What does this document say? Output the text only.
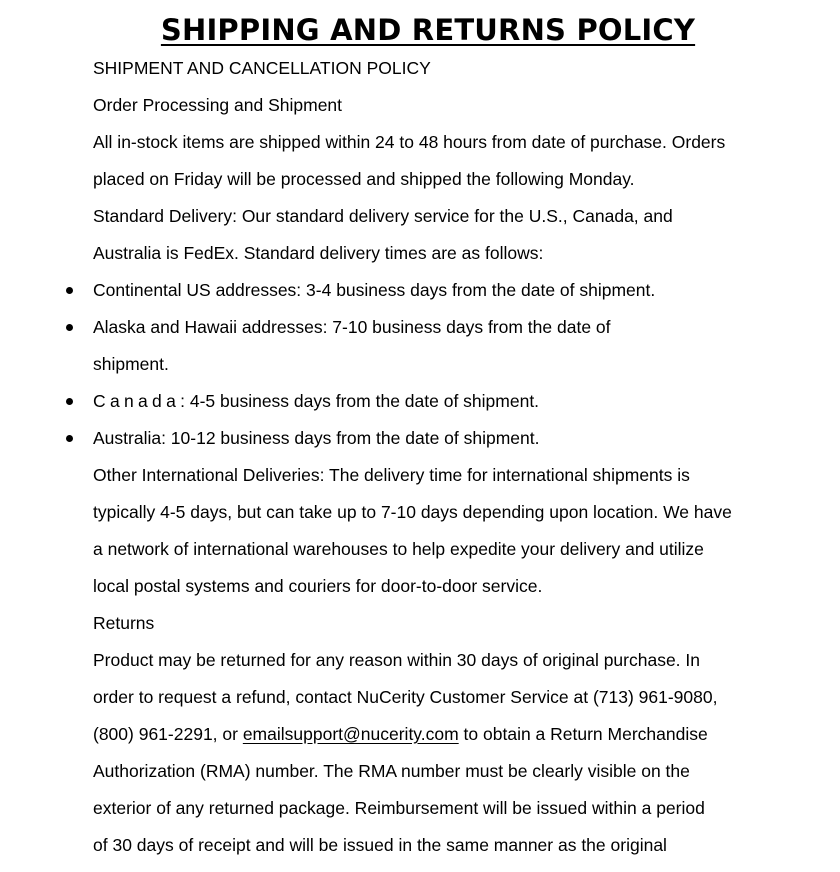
SHIPPING AND RETURNS POLICY

SHIPMENT AND CANCELLATION POLICY

Order Processing and Shipment

All in-stock items are shipped within 24 to 48 hours from date of purchase. Orders

placed on Friday will be processed and shipped the following Monday.

Standard Delivery: Our standard delivery service for the U.S., Canada, and

Australia is FedEx. Standard delivery times are as follows:

Continental US addresses: 3-4 business days from the date of shipment.
Alaska and Hawaii addresses: 7-10 business days from the date of
shipment.
Canada: 4-5 business days from the date of shipment.
Australia: 10-12 business days from the date of shipment.

Other International Deliveries: The delivery time for international shipments is

typically 4-5 days, but can take up to 7-10 days depending upon location. We have

a network of international warehouses to help expedite your delivery and utilize

local postal systems and couriers for door-to-door service.

Returns

Product may be returned for any reason within 30 days of original purchase. In

order to request a refund, contact NuCerity Customer Service at (713) 961-9080,

(800) 961-2291, or emailsupport@nucerity.com to obtain a Return Merchandise

Authorization (RMA) number. The RMA number must be clearly visible on the

exterior of any returned package. Reimbursement will be issued within a period

of 30 days of receipt and will be issued in the same manner as the original
